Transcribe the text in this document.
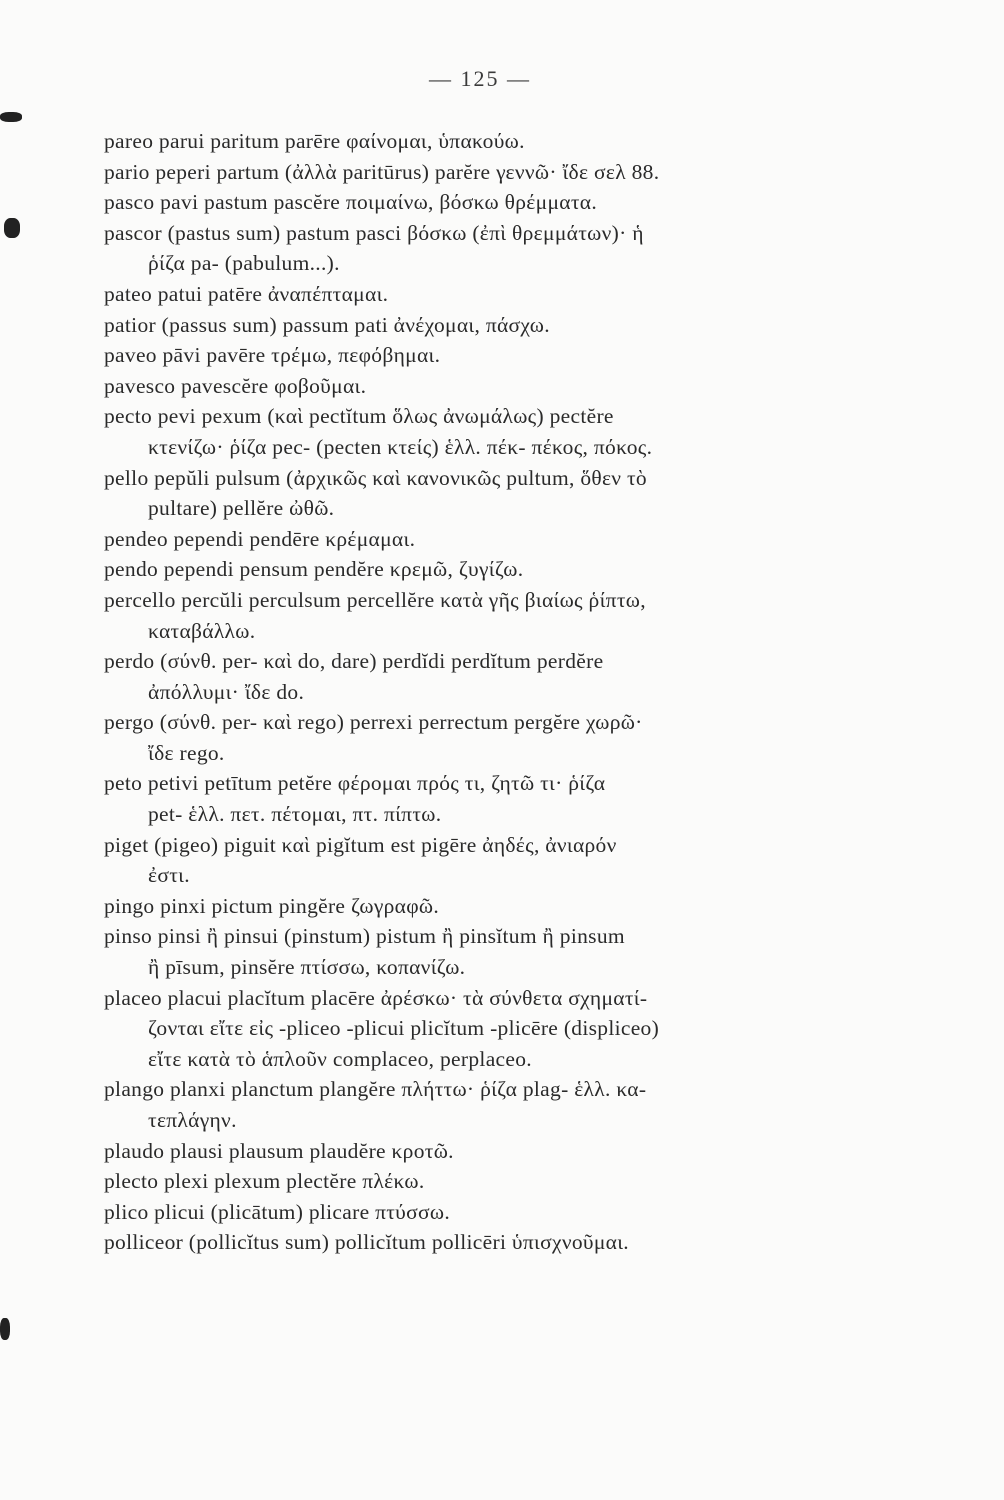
— 125 —
pareo parui paritum parēre φαίνομαι, ὑπακούω.
pario peperi partum (ἀλλὰ paritūrus) parĕre γεννῶ· ἴδε σελ 88.
pasco pavi pastum pascĕre ποιμαίνω, βόσκω θρέμματα.
pascor (pastus sum) pastum pasci βόσκω (ἐπὶ θρεμμάτων)· ἡ
ῥίζα pa- (pabulum...).
pateo patui patēre ἀναπέπταμαι.
patior (passus sum) passum pati ἀνέχομαι, πάσχω.
paveo pāvi pavēre τρέμω, πεφόβημαι.
pavesco pavescĕre φοβοῦμαι.
pecto pevi pexum (καὶ pectĭtum ὅλως ἀνωμάλως) pectĕre
κτενίζω· ῥίζα pec- (pecten κτείς) ἑλλ. πέκ- πέκος, πόκος.
pello pepŭli pulsum (ἀρχικῶς καὶ κανονικῶς pultum, ὅθεν τὸ
pultare) pellĕre ὠθῶ.
pendeo pependi pendēre κρέμαμαι.
pendo pependi pensum pendĕre κρεμῶ, ζυγίζω.
percello percŭli perculsum percellĕre κατὰ γῆς βιαίως ῥίπτω,
καταβάλλω.
perdo (σύνθ. per- καὶ do, dare) perdĭdi perdĭtum perdĕre
ἀπόλλυμι· ἴδε do.
pergo (σύνθ. per- καὶ rego) perrexi perrectum pergĕre χωρῶ·
ἴδε rego.
peto petivi petītum petĕre φέρομαι πρός τι, ζητῶ τι· ῥίζα
pet- ἑλλ. πετ. πέτομαι, πτ. πίπτω.
piget (pigeo) piguit καὶ pigĭtum est pigēre ἀηδές, ἀνιαρόν
ἐστι.
pingo pinxi pictum pingĕre ζωγραφῶ.
pinso pinsi ἢ pinsui (pinstum) pistum ἢ pinsĭtum ἢ pinsum
ἢ pīsum, pinsĕre πτίσσω, κοπανίζω.
placeo placui placĭtum placēre ἀρέσκω· τὰ σύνθετα σχηματί-
ζονται εἴτε εἰς -pliceo -plicui plicĭtum -plicēre (displiceo)
εἴτε κατὰ τὸ ἁπλοῦν complaceo, perplaceo.
plango planxi planctum plangĕre πλήττω· ῥίζα plag- ἑλλ. κα-
τεπλάγην.
plaudo plausi plausum plaudĕre κροτῶ.
plecto plexi plexum plectĕre πλέκω.
plico plicui (plicātum) plicare πτύσσω.
polliceor (pollicĭtus sum) pollicĭtum pollicēri ὑπισχνοῦμαι.
